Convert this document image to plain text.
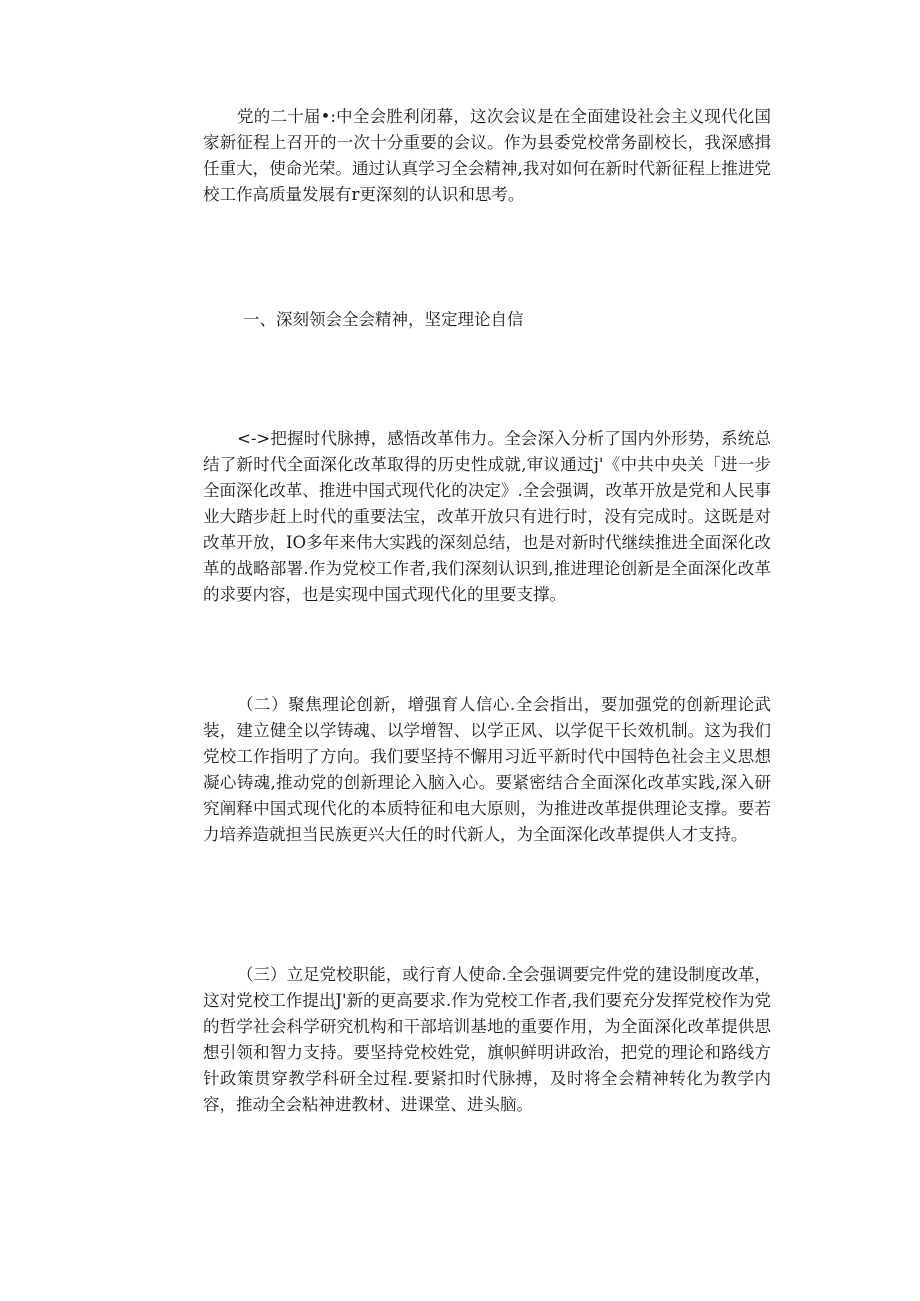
党的二十届•:中全会胜利闭幕，这次会议是在全面建设社会主义现代化国家新征程上召开的一次十分重要的会议。作为县委党校常务副校长，我深感揖任重大，使命光荣。通过认真学习全会精神,我对如何在新时代新征程上推进党校工作高质量发展有r更深刻的认识和思考。

一、深刻领会全会精神，坚定理论自信

<->把握时代脉搏，感悟改革伟力。全会深入分析了国内外形势，系统总结了新时代全面深化改革取得的历史性成就,审议通过j'《中共中央关「进一步全面深化改革、推进中国式现代化的决定》.全会强调，改革开放是党和人民事业大踏步赶上时代的重要法宝，改革开放只有进行时，没有完成时。这既是对改革开放，IO多年来伟大实践的深刻总结，也是对新时代继续推进全面深化改革的战略部署.作为党校工作者,我们深刻认识到,推进理论创新是全面深化改革的求要内容，也是实现中国式现代化的里要支撑。

（二）聚焦理论创新，增强育人信心.全会指出，要加强党的创新理论武装，建立健全以学铸魂、以学增智、以学正风、以学促干长效机制。这为我们党校工作指明了方向。我们要坚持不懈用习近平新时代中国特色社会主义思想凝心铸魂,推动党的创新理论入脑入心。要紧密结合全面深化改革实践,深入研究阐释中国式现代化的本质特征和电大原则，为推进改革提供理论支撑。要若力培养造就担当民族更兴大任的时代新人，为全面深化改革提供人才支持。

（三）立足党校职能，或行育人使命.全会强调要完件党的建设制度改革，这对党校工作提出J'新的更高要求.作为党校工作者,我们要充分发挥党校作为党的哲学社会科学研究机构和干部培训基地的重要作用，为全面深化改革提供思想引领和智力支持。要坚持党校姓党，旗帜鲜明讲政治，把党的理论和路线方针政策贯穿教学科研全过程.要紧扣时代脉搏，及时将全会精神转化为教学内容，推动全会粘神进教材、进课堂、进头脑。
